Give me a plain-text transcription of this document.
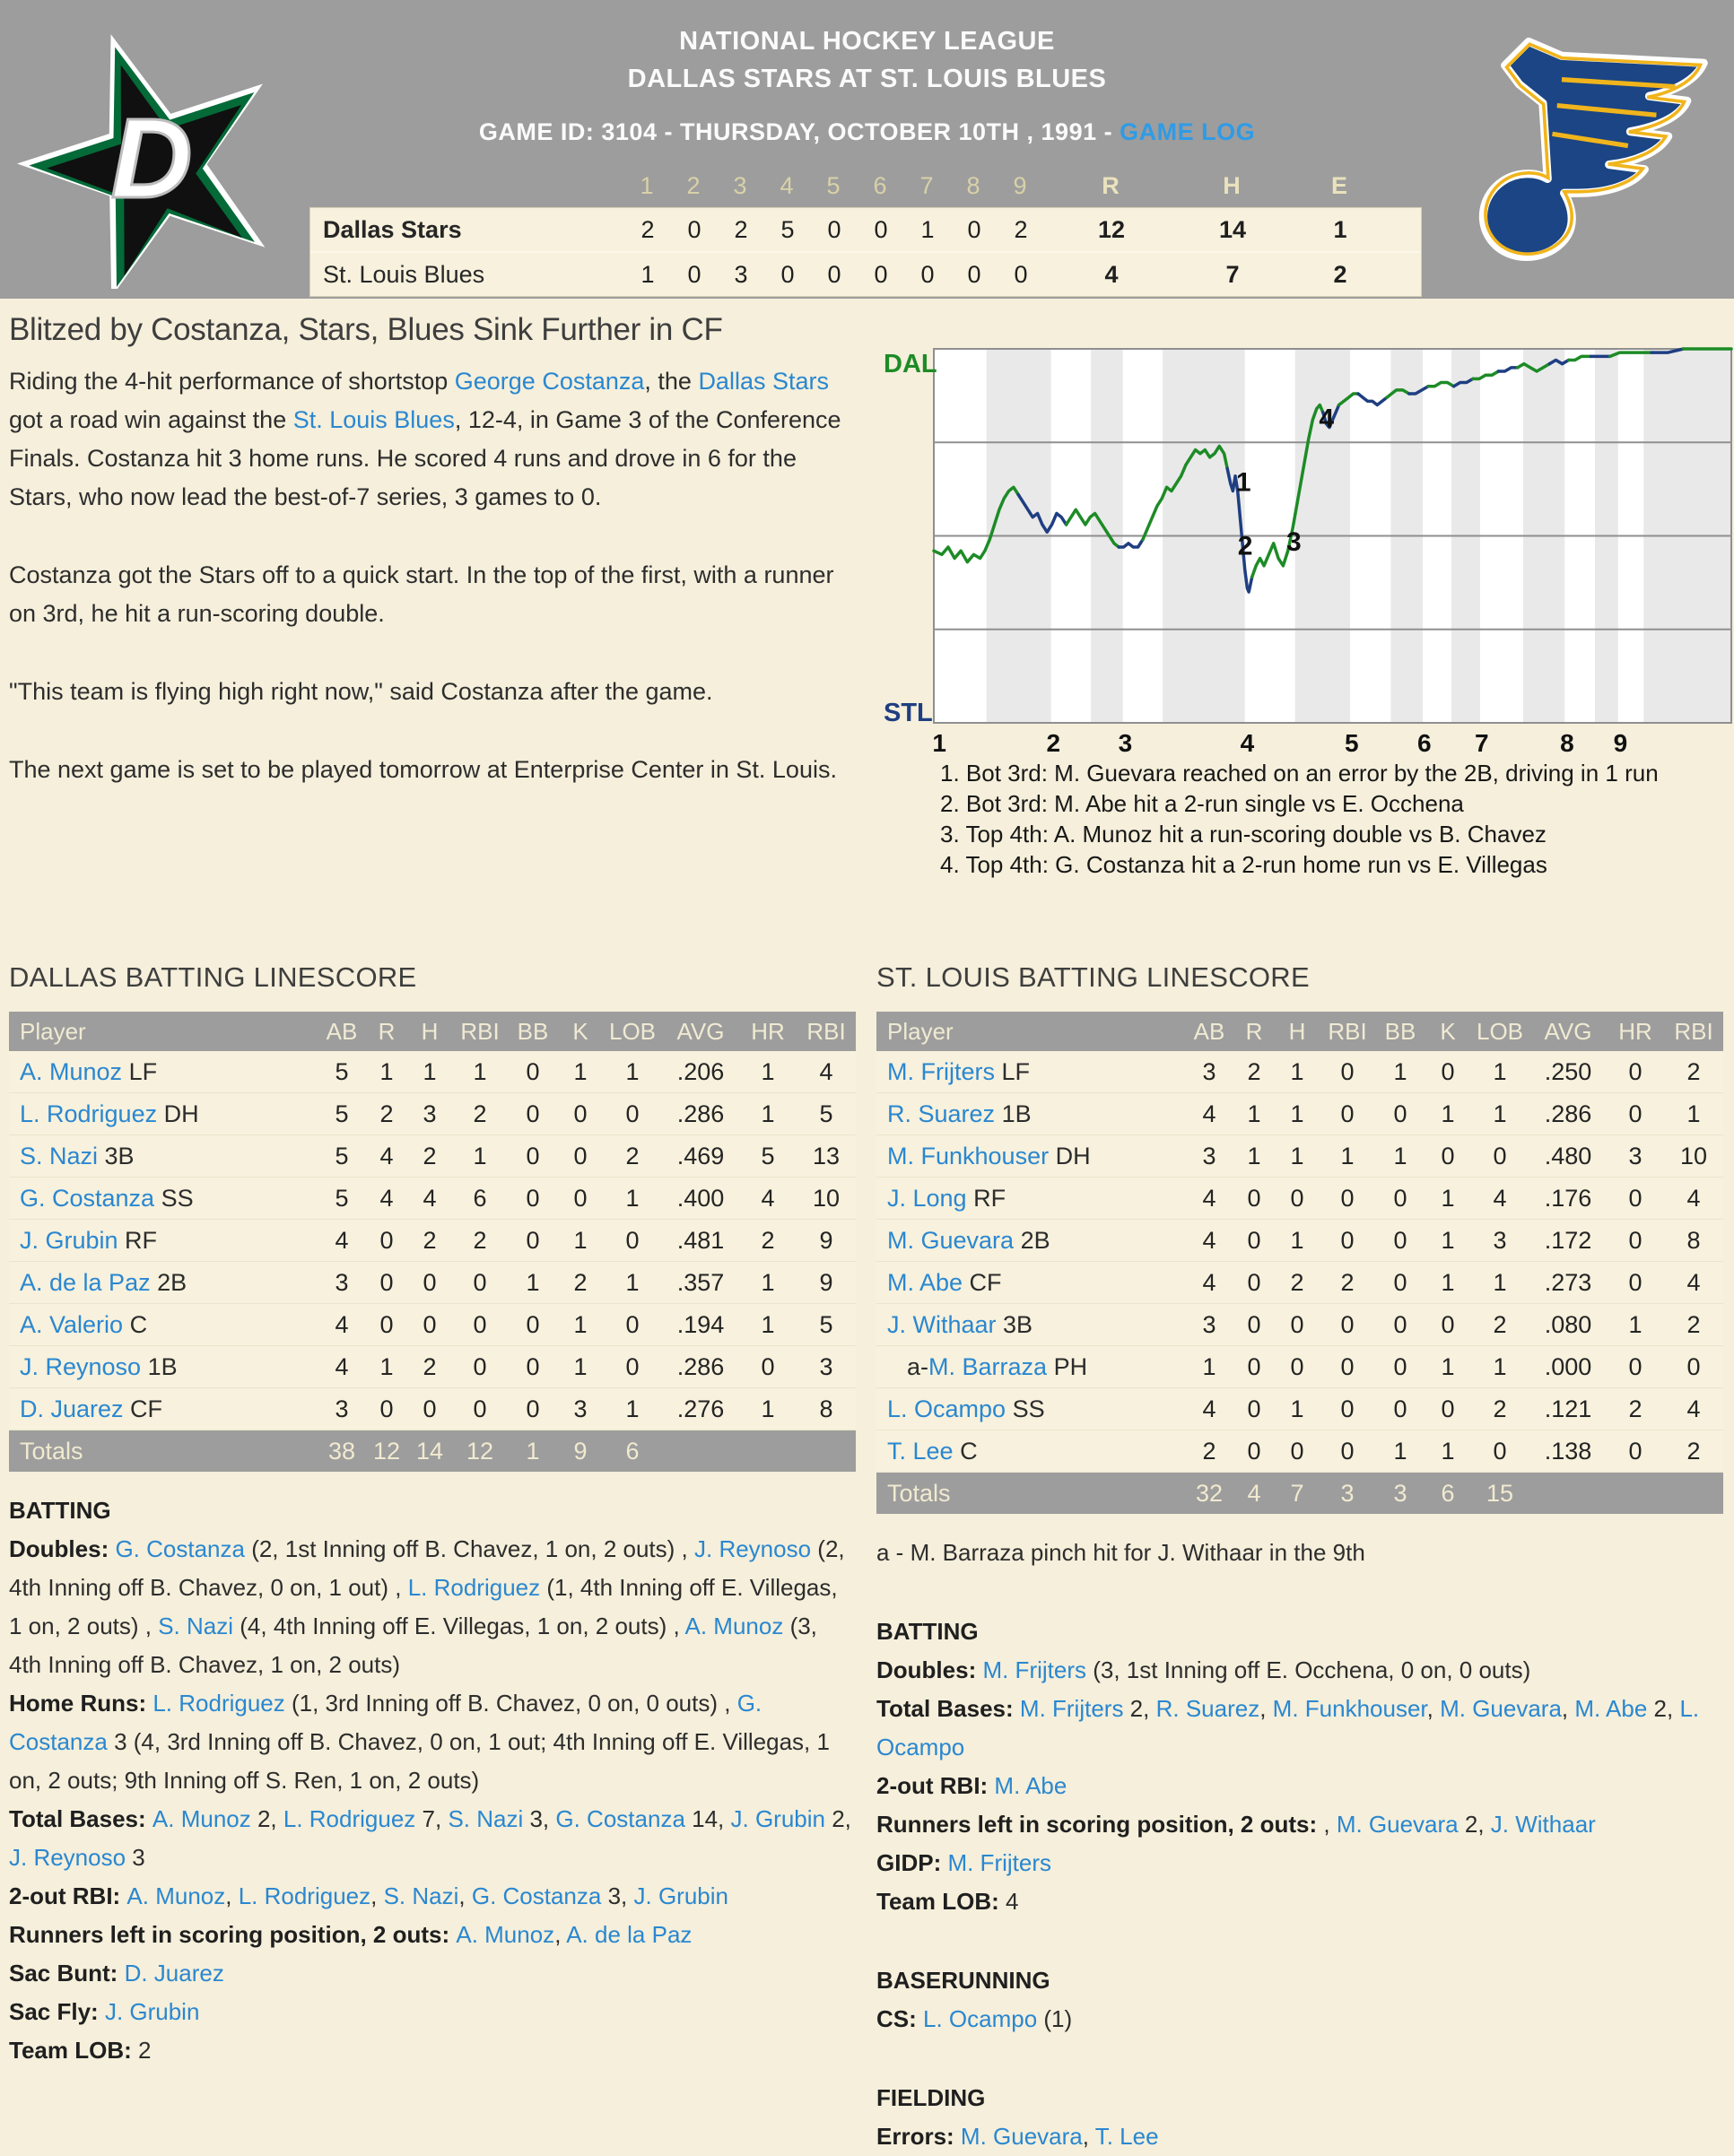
D
NATIONAL HOCKEY LEAGUE
DALLAS STARS AT ST. LOUIS BLUES
GAME ID: 3104 - THURSDAY, OCTOBER 10TH , 1991 - GAME LOG
1	2	3	4	5	6	7	8	9	R	H	E
Dallas Stars	2	0	2	5	0	0	1	0	2	12	14	1
St. Louis Blues	1	0	3	0	0	0	0	0	0	4	7	2
Blitzed by Costanza, Stars, Blues Sink Further in CF

Riding the 4-hit performance of shortstop George Costanza, the Dallas Stars got a road win against the St. Louis Blues, 12-4, in Game 3 of the Conference Finals. Costanza hit 3 home runs. He scored 4 runs and drove in 6 for the Stars, who now lead the best-of-7 series, 3 games to 0.

Costanza got the Stars off to a quick start. In the top of the first, with a runner on 3rd, he hit a run-scoring double.

"This team is flying high right now," said Costanza after the game.

The next game is set to be played tomorrow at Enterprise Center in St. Louis.

1
2 3
4
DAL
STL
1	2 3	4	5 6 7	8 9
1. Bot 3rd: M. Guevara reached on an error by the 2B, driving in 1 run
2. Bot 3rd: M. Abe hit a 2-run single vs E. Occhena
3. Top 4th: A. Munoz hit a run-scoring double vs B. Chavez
4. Top 4th: G. Costanza hit a 2-run home run vs E. Villegas
DALLAS BATTING LINESCORE
Player	AB R	H RBI BB	K LOB AVG	HR RBI
A. Munoz LF	5	1	1	1	0	1	1	.206	1	4
L. Rodriguez DH	5	2	3	2	0	0	0	.286	1	5
S. Nazi 3B	5	4	2	1	0	0	2	.469	5	13
G. Costanza SS	5	4	4	6	0	0	1	.400	4	10
J. Grubin RF	4	0	2	2	0	1	0	.481	2	9
A. de la Paz 2B	3	0	0	0	1	2	1	.357	1	9
A. Valerio C	4	0	0	0	0	1	0	.194	1	5
J. Reynoso 1B	4	1	2	0	0	1	0	.286	0	3
D. Juarez CF	3	0	0	0	0	3	1	.276	1	8
Totals	38 12 14 12	1	9	6
BATTING

Doubles: G. Costanza (2, 1st Inning off B. Chavez, 1 on, 2 outs) , J. Reynoso (2, 4th Inning off B. Chavez, 0 on, 1 out) , L. Rodriguez (1, 4th Inning off E. Villegas, 1 on, 2 outs) , S. Nazi (4, 4th Inning off E. Villegas, 1 on, 2 outs) , A. Munoz (3, 4th Inning off B. Chavez, 1 on, 2 outs)

Home Runs: L. Rodriguez (1, 3rd Inning off B. Chavez, 0 on, 0 outs) , G. Costanza 3 (4, 3rd Inning off B. Chavez, 0 on, 1 out; 4th Inning off E. Villegas, 1 on, 2 outs; 9th Inning off S. Ren, 1 on, 2 outs)

Total Bases: A. Munoz 2, L. Rodriguez 7, S. Nazi 3, G. Costanza 14, J. Grubin 2, J. Reynoso 3

2-out RBI: A. Munoz, L. Rodriguez, S. Nazi, G. Costanza 3, J. Grubin

Runners left in scoring position, 2 outs: A. Munoz, A. de la Paz

Sac Bunt: D. Juarez

Sac Fly: J. Grubin

Team LOB: 2

ST. LOUIS BATTING LINESCORE
Player	AB R	H RBI BB	K LOB AVG	HR RBI
M. Frijters LF	3	2	1	0	1	0	1	.250	0	2
R. Suarez 1B	4	1	1	0	0	1	1	.286	0	1
M. Funkhouser DH	3	1	1	1	1	0	0	.480	3	10
J. Long RF	4	0	0	0	0	1	4	.176	0	4
M. Guevara 2B	4	0	1	0	0	1	3	.172	0	8
M. Abe CF	4	0	2	2	0	1	1	.273	0	4
J. Withaar 3B	3	0	0	0	0	0	2	.080	1	2
a-M. Barraza PH	1	0	0	0	0	1	1	.000	0	0
L. Ocampo SS	4	0	1	0	0	0	2	.121	2	4
T. Lee C	2	0	0	0	1	1	0	.138	0	2
Totals	32	4	7	3	3	6	15

a - M. Barraza pinch hit for J. Withaar in the 9th

BATTING

Doubles: M. Frijters (3, 1st Inning off E. Occhena, 0 on, 0 outs)

Total Bases: M. Frijters 2, R. Suarez, M. Funkhouser, M. Guevara, M. Abe 2, L. Ocampo

2-out RBI: M. Abe

Runners left in scoring position, 2 outs: , M. Guevara 2, J. Withaar

GIDP: M. Frijters

Team LOB: 4

BASERUNNING

CS: L. Ocampo (1)

FIELDING

Errors: M. Guevara, T. Lee
